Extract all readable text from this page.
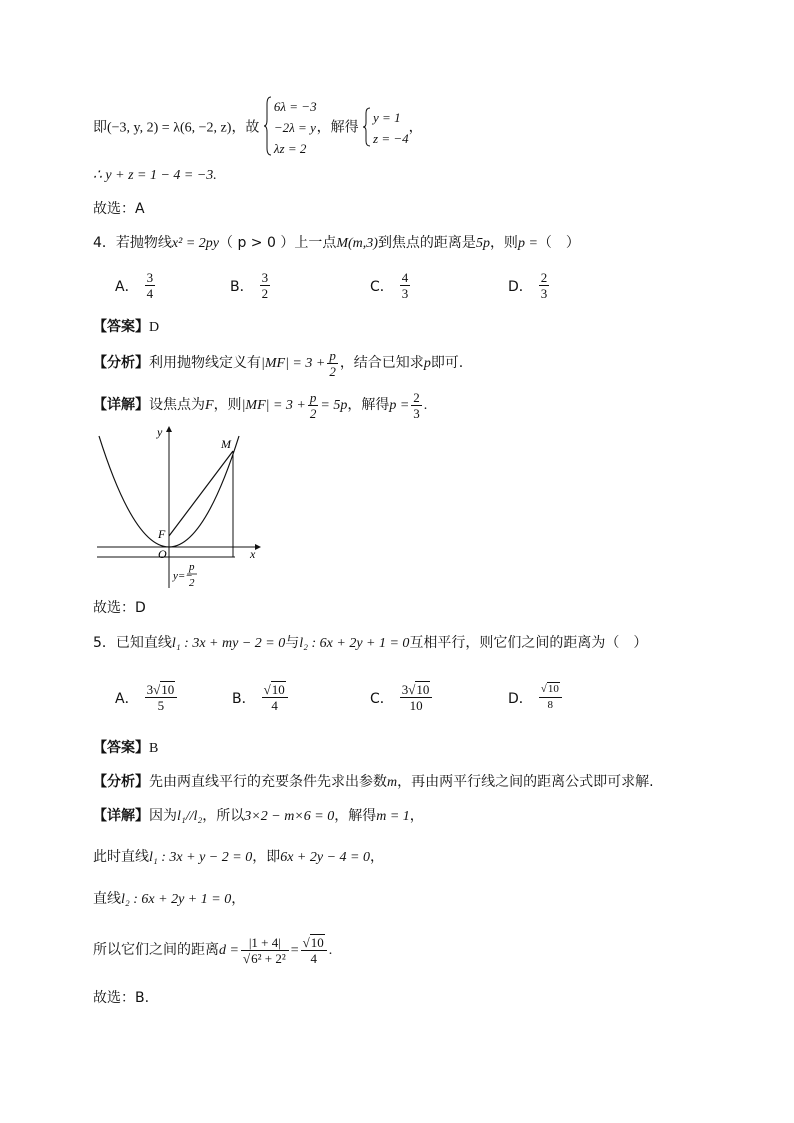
即(−3, y, 2) = λ(6, −2, z)，故
6λ = −3
−2λ = y
λz = 2
，解得
y = 1
z = −4
，
∴ y + z = 1 − 4 = −3.
故选：A
4．若抛物线x² = 2py（ p > 0 ）上一点M(m,3)到焦点的距离是5p，则p =（　）
A． $\frac{3}{4}$	B． $\frac{3}{2}$	C． $\frac{4}{3}$	D． $\frac{2}{3}$
【答案】D
【分析】利用抛物线定义有$|MF| = 3 + \frac{p}{2}$ ，结合已知求p即可.
【详解】设焦点为F，则$|MF| = 3 + \frac{p}{2} = 5p$，解得$p = \frac{2}{3}$ .
y
x
M
F
O
y=−
p
2
故选：D
5．已知直线l₁ : 3x + my − 2 = 0与l₂ : 6x + 2y + 1 = 0互相平行，则它们之间的距离为（　）
A． $\frac{3√10}{5}$	B． $\frac{√10}{4}$	C． $\frac{3√10}{10}$	D． $\frac{√10}{8}$
【答案】B
【分析】先由两直线平行的充要条件先求出参数m，再由两平行线之间的距离公式即可求解.
【详解】因为l₁//l₂，所以3×2 − m×6 = 0，解得m = 1，
此时直线l₁ : 3x + y − 2 = 0，即6x + 2y − 4 = 0，
直线l₂ : 6x + 2y + 1 = 0，
所以它们之间的距离$d = \frac{|1 + 4|}{\text{√6² + 2²}} = \frac{√10}{4}$ .
故选：B.
